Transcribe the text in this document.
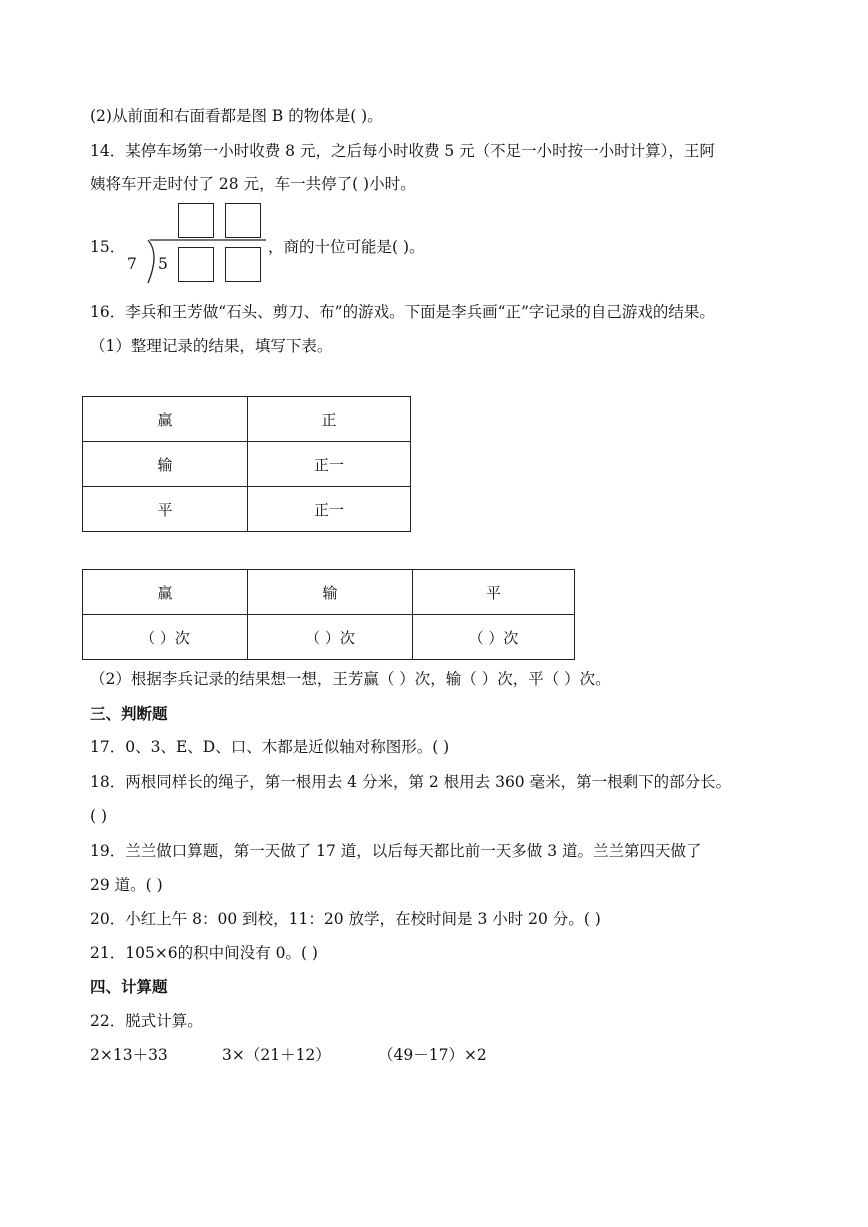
(2)从前面和右面看都是图 B 的物体是( )。
14．某停车场第一小时收费 8 元，之后每小时收费 5 元（不足一小时按一小时计算），王阿
姨将车开走时付了 28 元，车一共停了( )小时。
15．
7 5
，商的十位可能是( )。
16．李兵和王芳做“石头、剪刀、布”的游戏。下面是李兵画“正”字记录的自己游戏的结果。
（1）整理记录的结果，填写下表。
赢	正
输	正一
平	正一
赢	输	平
（ ）次	（ ）次	（ ）次
（2）根据李兵记录的结果想一想，王芳赢（ ）次，输（ ）次，平（ ）次。
三、判断题
17．0、3、E、D、口、木都是近似轴对称图形。( )
18．两根同样长的绳子，第一根用去 4 分米，第 2 根用去 360 毫米，第一根剩下的部分长。
( )
19．兰兰做口算题，第一天做了 17 道，以后每天都比前一天多做 3 道。兰兰第四天做了
29 道。( )
20．小红上午 8：00 到校，11：20 放学，在校时间是 3 小时 20 分。( )
21．105×6的积中间没有 0。( )
四、计算题
22．脱式计算。
2×13＋33	3×（21＋12）	（49－17）×2
